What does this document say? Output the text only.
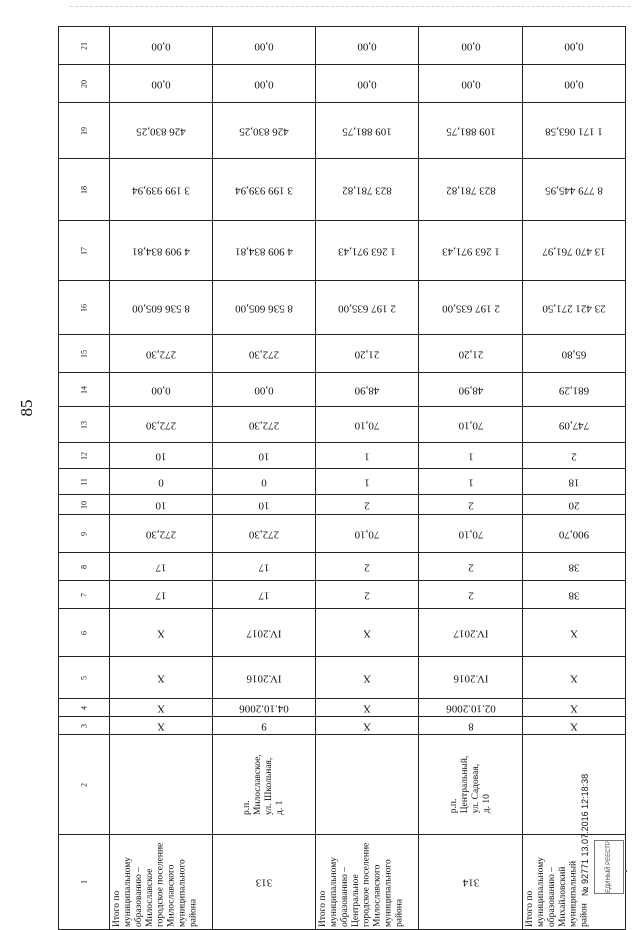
85
21	0,00	0,00	0,00	0,00	0,00

20	0,00	0,00	0,00	0,00	0,00

19	426 830,25	426 830,25	109 881,75	109 881,75	1 171 063,58

18	3 199 939,94	3 199 939,94	823 781,82	823 781,82	8 779 445,95

17	4 909 834,81	4 909 834,81	1 263 971,43	1 263 971,43	13 470 761,97

16	8 536 605,00	8 536 605,00	2 197 635,00	2 197 635,00	23 421 271,50

15	272,30	272,30	21,20	21,20	65,80

14	0,00	0,00	48,90	48,90	681,29

13	272,30	272,30	70,10	70,10	747,09

12	10	10	1	1	2

11	0	0	1	1	18

10	10	10	2	2	20

9	272,30	272,30	70,10	70,10	900,70

8	17	17	2	2	38

7	17	17	2	2	38

6	X	IV.2017	X	IV.2017	X

5	X	IV.2016	X	IV.2016	X

4	X	04.10.2006	X	02.10.2006	X

3	X	9	X	8	X

2		р.п. Милославское, ул. Школьная, д. 1		р.п. Центральный, ул. Садовая, д. 10	

1	Итого по муниципальному образованию – Милославское городское поселение Милославского муниципального района	313	Итого по муниципальному образованию – Центральное городское поселение Милославского муниципального района	314	Итого по муниципальному образованию – Михайловский муниципальный район
№ 92771 13.07.2016 12:18:38	ЕДИНЫЙ РЕЕСТР
